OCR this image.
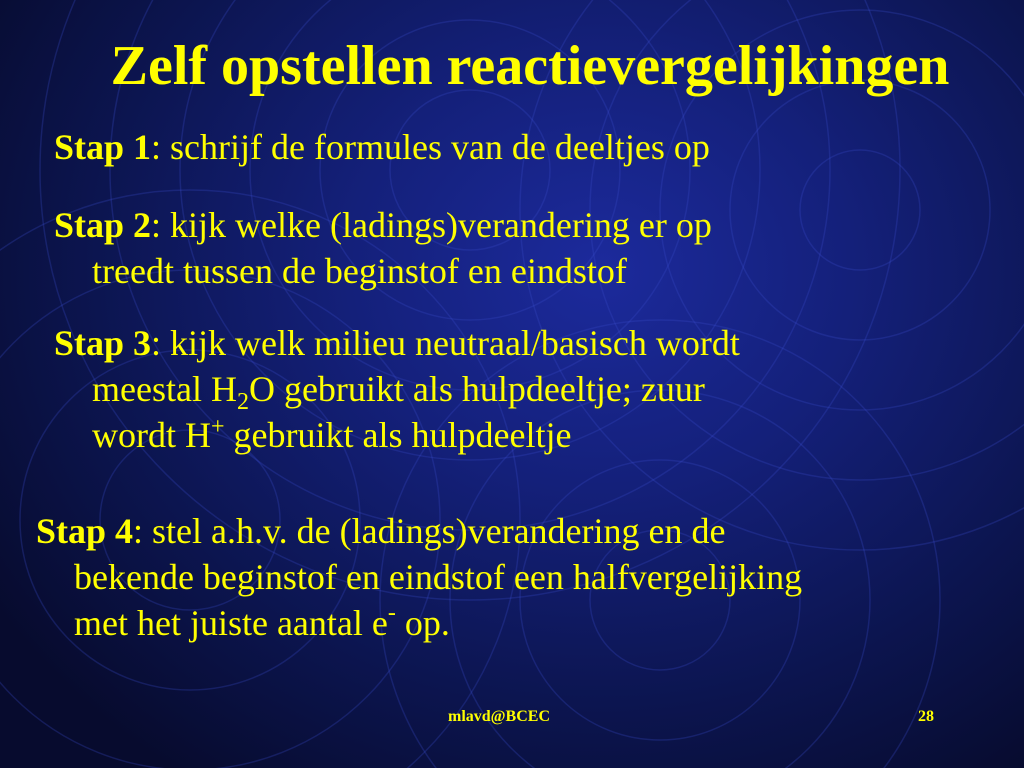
Zelf opstellen reactievergelijkingen
Stap 1: schrijf de formules van de deeltjes op
Stap 2: kijk welke (ladings)verandering er op
treedt tussen de beginstof en eindstof
Stap 3: kijk welk milieu neutraal/basisch wordt
meestal $H_2O$ gebruikt als hulpdeeltje; zuur
wordt H+ gebruikt als hulpdeeltje
Stap 4: stel a.h.v. de (ladings)verandering en de
bekende beginstof en eindstof een halfvergelijking
met het juiste aantal e- op.
mlavd@BCEC	28
